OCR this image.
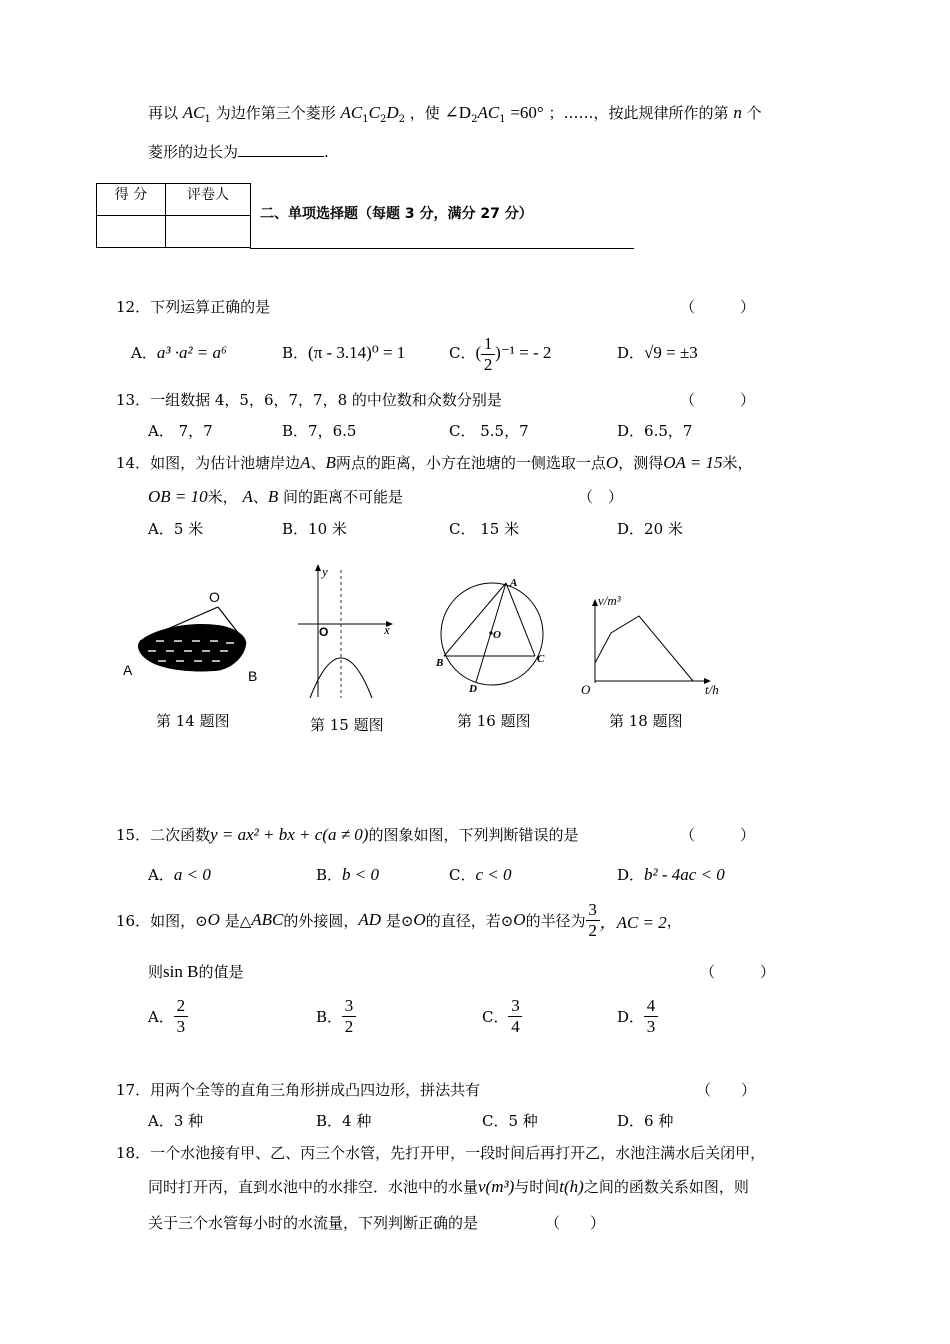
再以 $AC_1$ 为边作第三个菱形 $AC_1C_2D_2$ ，使 $\angle D_2AC_1 =60^\circ$ ；……，按此规律所作的第 n 个
菱形的边长为	.
得 分	评卷人

二、单项选择题（每题 3 分，满分 27 分）
12．下列运算正确的是	（　　　）
A．a³ ·a² = a⁶	B．(π - 3.14)⁰ = 1	C．( $\frac{1}{2} )^{-1}$ = - 2	D．√9 = ±3
13．一组数据 4，5，6，7，7，8 的中位数和众数分别是	（　　　）
A． 7，7	B．7，6.5	C． 5.5，7	D．6.5，7
14．如图，为估计池塘岸边A、B两点的距离，小方在池塘的一侧选取一点O，测得OA = 15米，
OB = 10米， A、B 间的距离不可能是	（　）
A．5 米	B．10 米	C． 15 米	D．20 米
O
A	B
第 14 题图
y
x
O
第 15 题图
A
B	C
D
O
第 16 题图
v/m³
t/h
O
第 18 题图
15．二次函数y = ax² + bx + c(a ≠ 0)的图象如图，下列判断错误的是	（　　　）
A．a < 0	B．b < 0	C．c < 0	D．b² - 4ac < 0
16．如图，⊙ O
是△ ABC 的外接圆， AD
是⊙ O 的直径，若⊙ O 的半径为 $\frac{3}{2}$ ，AC = 2 ，
则sin B的值是	（　　　）
A． $\frac{2}{3}$	B． $\frac{3}{2}$	C． $\frac{3}{4}$	D． $\frac{4}{3}$
17．用两个全等的直角三角形拼成凸四边形，拼法共有	（　　）
A．3 种	B．4 种	C．5 种	D．6 种
18．一个水池接有甲、乙、丙三个水管，先打开甲，一段时间后再打开乙，水池注满水后关闭甲，
同时打开丙，直到水池中的水排空．水池中的水量v(m³)与时间t(h)之间的函数关系如图，则
关于三个水管每小时的水流量，下列判断正确的是	（　　）
